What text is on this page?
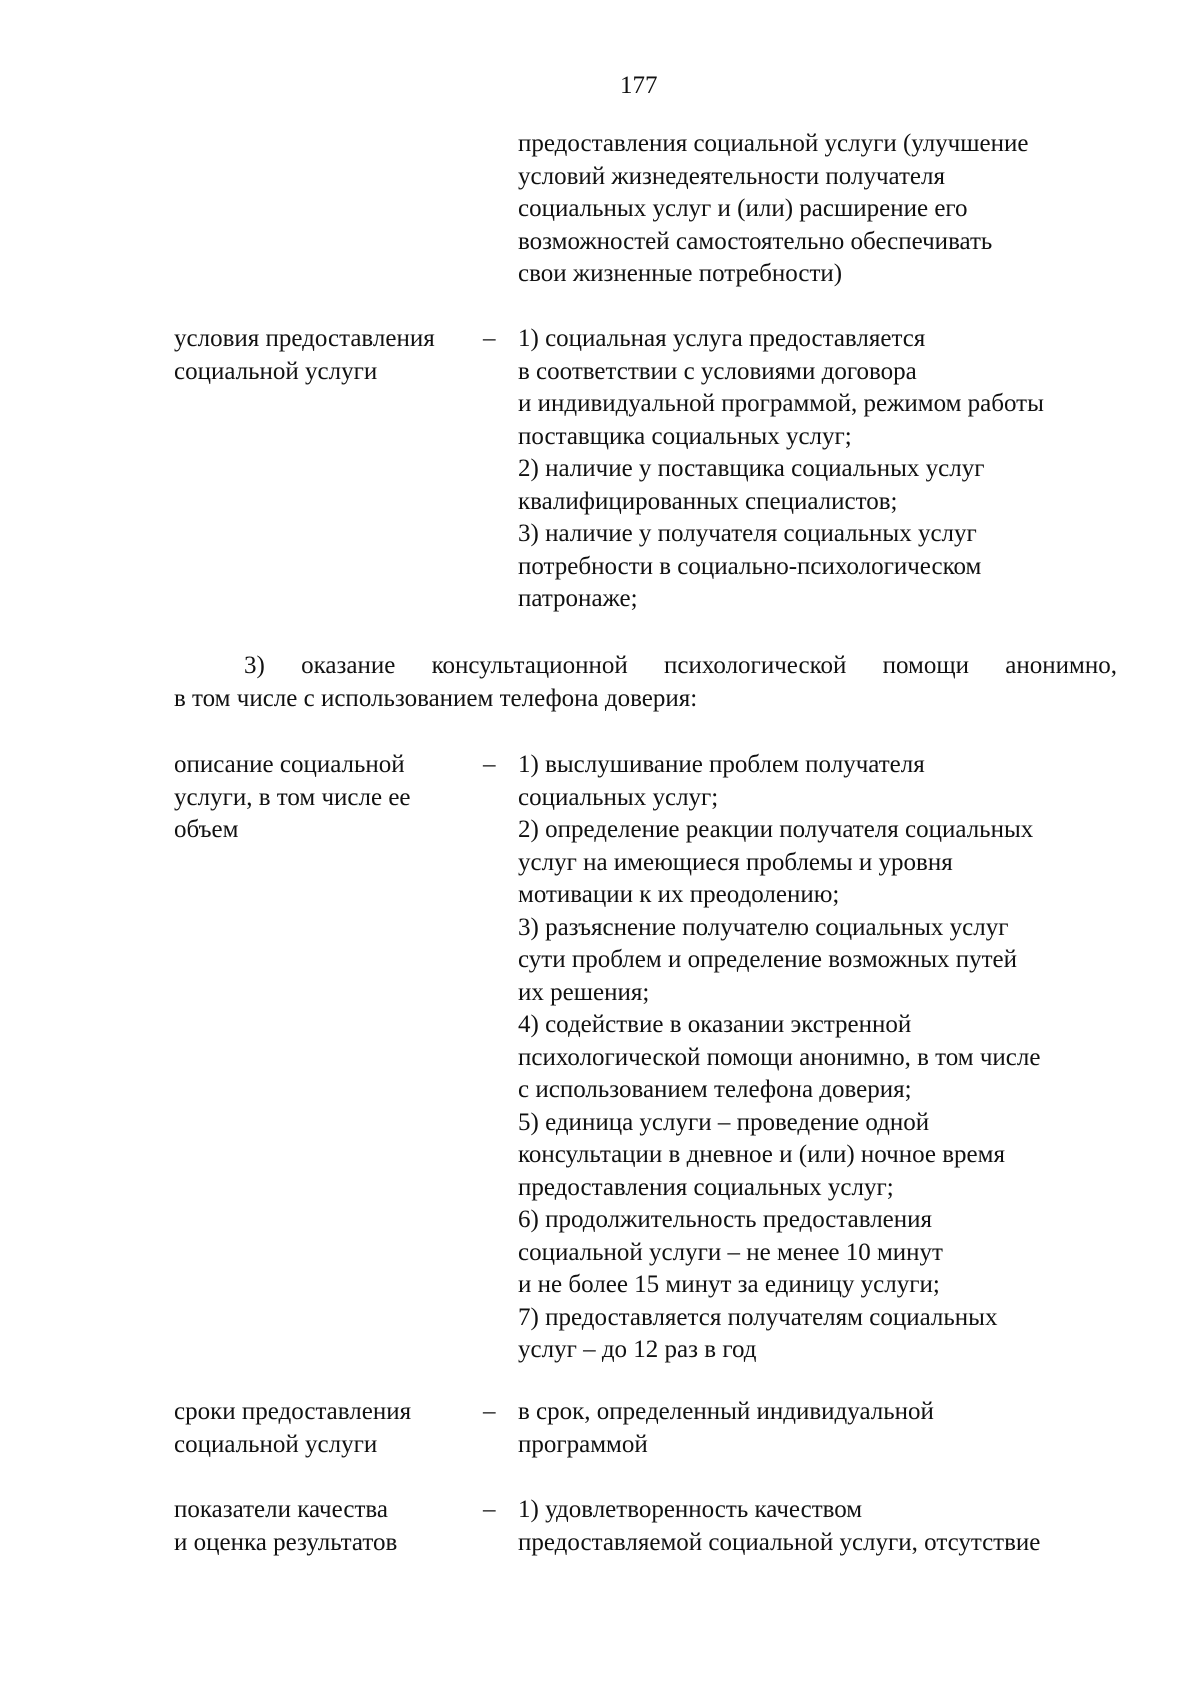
177
предоставления социальной услуги (улучшение
условий жизнедеятельности получателя
социальных услуг и (или) расширение его
возможностей самостоятельно обеспечивать
свои жизненные потребности)
условия предоставления
социальной услуги
– 1) социальная услуга предоставляется
в соответствии с условиями договора
и индивидуальной программой, режимом работы
поставщика социальных услуг;
2) наличие у поставщика социальных услуг
квалифицированных специалистов;
3) наличие у получателя социальных услуг
потребности в социально-психологическом
патронаже;
3) оказание консультационной психологической помощи анонимно,
в том числе с использованием телефона доверия:
описание социальной
услуги, в том числе ее
объем
– 1) выслушивание проблем получателя
социальных услуг;
2) определение реакции получателя социальных
услуг на имеющиеся проблемы и уровня
мотивации к их преодолению;
3) разъяснение получателю социальных услуг
сути проблем и определение возможных путей
их решения;
4) содействие в оказании экстренной
психологической помощи анонимно, в том числе
с использованием телефона доверия;
5) единица услуги – проведение одной
консультации в дневное и (или) ночное время
предоставления социальных услуг;
6) продолжительность предоставления
социальной услуги – не менее 10 минут
и не более 15 минут за единицу услуги;
7) предоставляется получателям социальных
услуг – до 12 раз в год
сроки предоставления
социальной услуги
– в срок, определенный индивидуальной
программой
показатели качества
и оценка результатов
– 1) удовлетворенность качеством
предоставляемой социальной услуги, отсутствие
